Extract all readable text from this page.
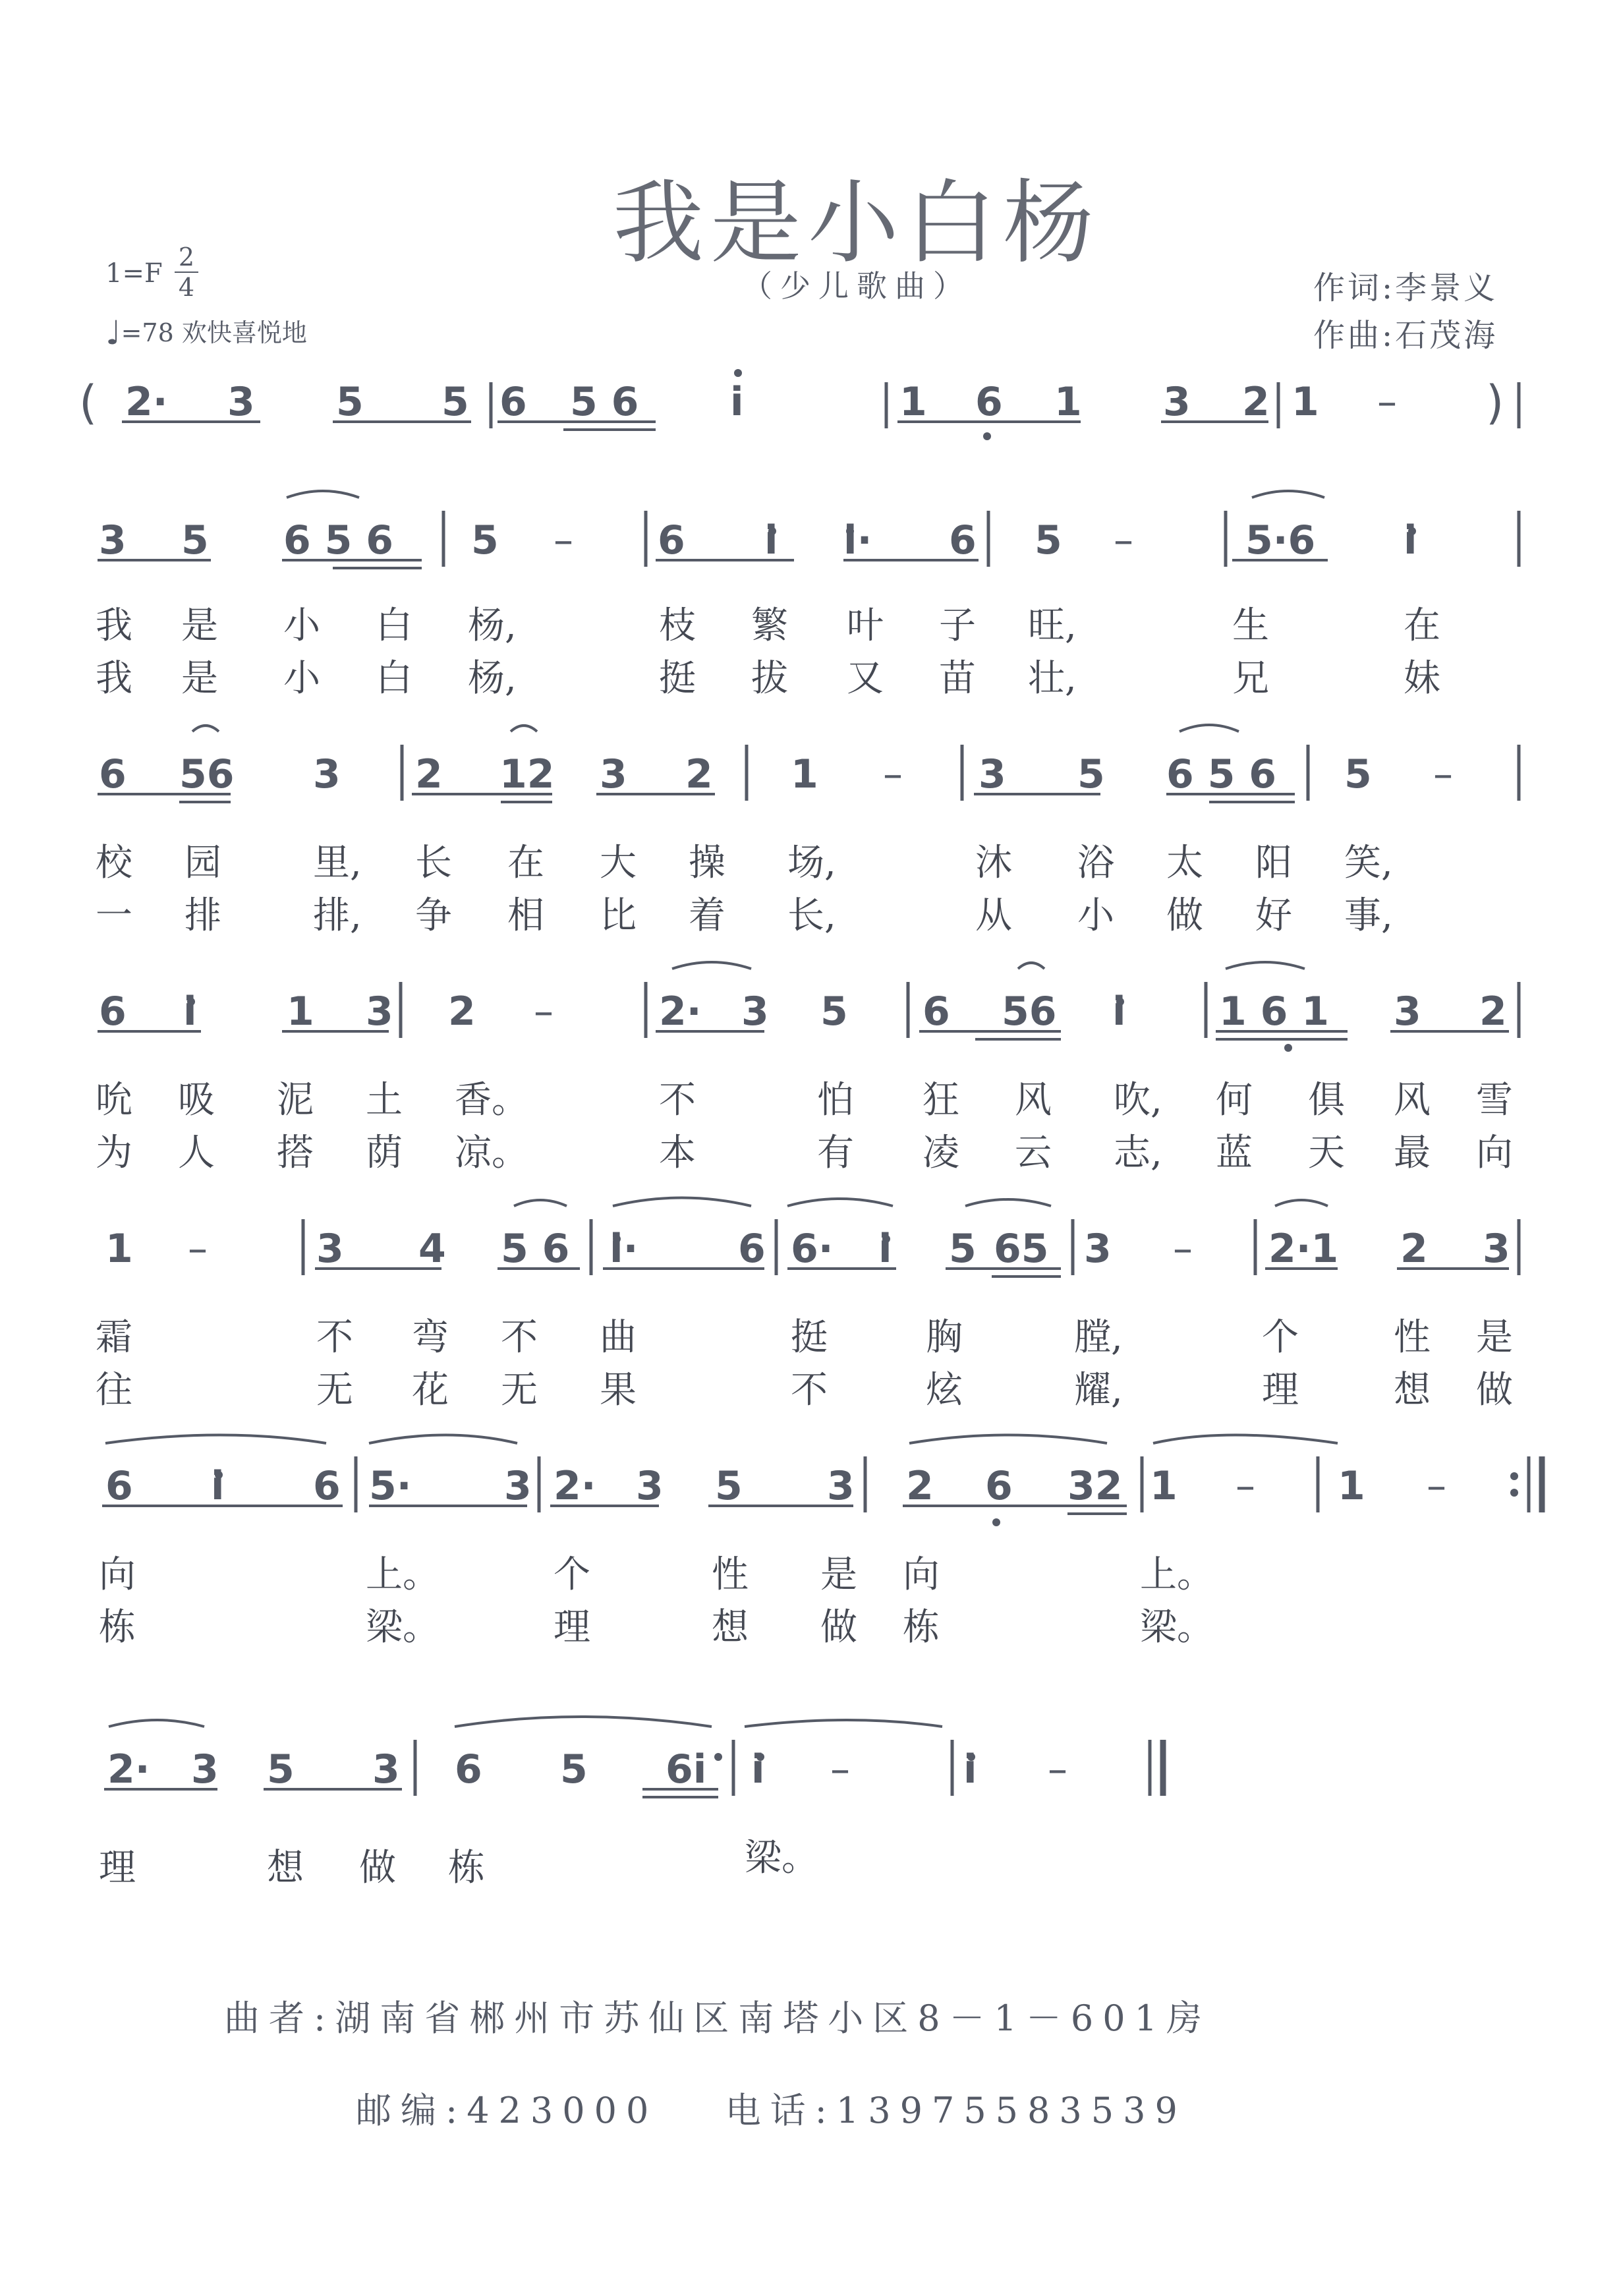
我是小白杨
（少儿歌曲）
1=F
2
4
♩=78 欢快喜悦地
作词:李景义
作曲:石茂海
( 2· 3 5 5 6 5 6 i	1 6 1 3 2 1 – )
3 5 6 5 6 5 – 6 i i· 6 5 –	5·6 i
我 是 小 白 杨,	枝 繁 叶 子 旺,	生	在
我 是 小 白 杨,	挺 拔 又 苗 壮,	兄	妹
6 56 3 2 12 3 2 1 – 3 5 6 5 6 5 –
校 园 里, 长 在 大 操 场,	沐 浴 太 阳 笑,
一 排 排, 争 相 比 着 长,	从 小 做 好 事,
6 i 1 3 2 –	2· 3 5 6 56 i 1 6 1 3 2
吮 吸 泥 土 香。	不	怕 狂 风 吹, 何 俱 风 雪
为 人 搭 荫 凉。	本	有 凌 云 志, 蓝 天 最 向
1 –	3 4 5 6 i·	6 6· i 5 65 3 – 2·1 2 3
霜	不 弯 不 曲	挺	胸	膛,	个	性 是
往	无 花 无 果	不	炫	耀,	理	想 做
6 i 6 5· 3 2· 3 5 3 2 6 32 1 – 1 –
向	上。	个	性 是 向	上。
栋	梁。	理	想 做 栋	梁。
2· 3 5 3 6 5 6i i –	i –
理	想 做 栋	梁。
曲者:湖南省郴州市苏仙区南塔小区8－1－601房
邮编:423000 电话:13975583539
